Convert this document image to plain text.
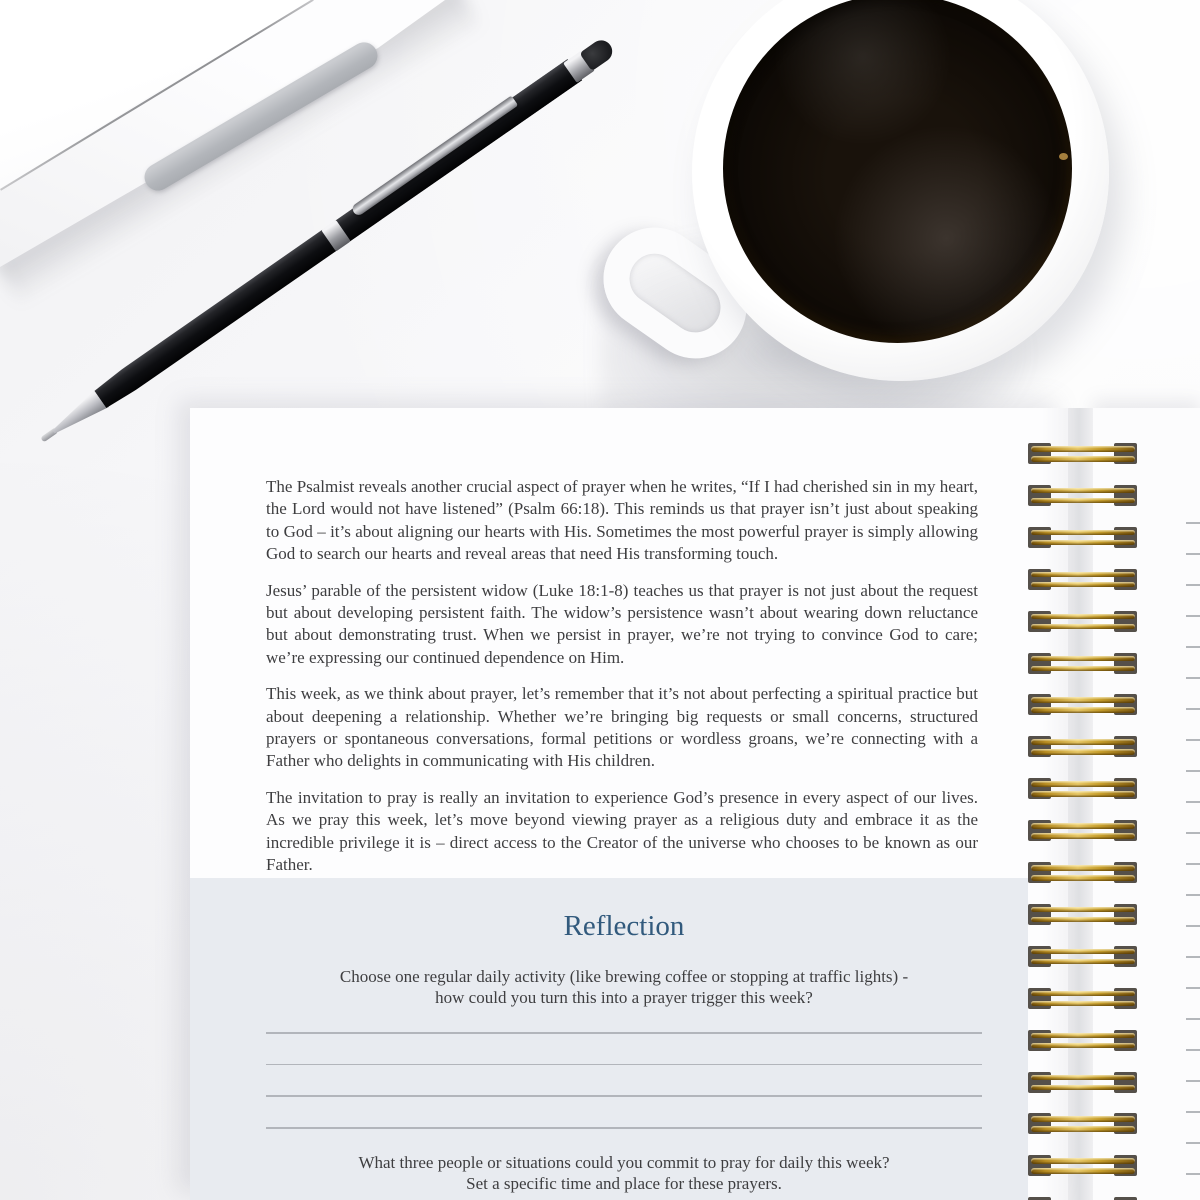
The Psalmist reveals another crucial aspect of prayer when he writes, “If I had cherished sin in my heart, the Lord would not have listened” (Psalm 66:18). This reminds us that prayer isn’t just about speaking to God – it’s about aligning our hearts with His. Sometimes the most powerful prayer is simply allowing God to search our hearts and reveal areas that need His transforming touch.

Jesus’ parable of the persistent widow (Luke 18:1-8) teaches us that prayer is not just about the request but about developing persistent faith. The widow’s persistence wasn’t about wearing down reluctance but about demonstrating trust. When we persist in prayer, we’re not trying to convince God to care; we’re expressing our continued dependence on Him.

This week, as we think about prayer, let’s remember that it’s not about perfecting a spiritual practice but about deepening a relationship. Whether we’re bringing big requests or small concerns, structured prayers or spontaneous conversations, formal petitions or wordless groans, we’re connecting with a Father who delights in communicating with His children.

The invitation to pray is really an invitation to experience God’s presence in every aspect of our lives. As we pray this week, let’s move beyond viewing prayer as a religious duty and embrace it as the incredible privilege it is – direct access to the Creator of the universe who chooses to be known as our Father.

Reflection
Choose one regular daily activity (like brewing coffee or stopping at traffic lights) -
how could you turn this into a prayer trigger this week?
What three people or situations could you commit to pray for daily this week?
Set a specific time and place for these prayers.
